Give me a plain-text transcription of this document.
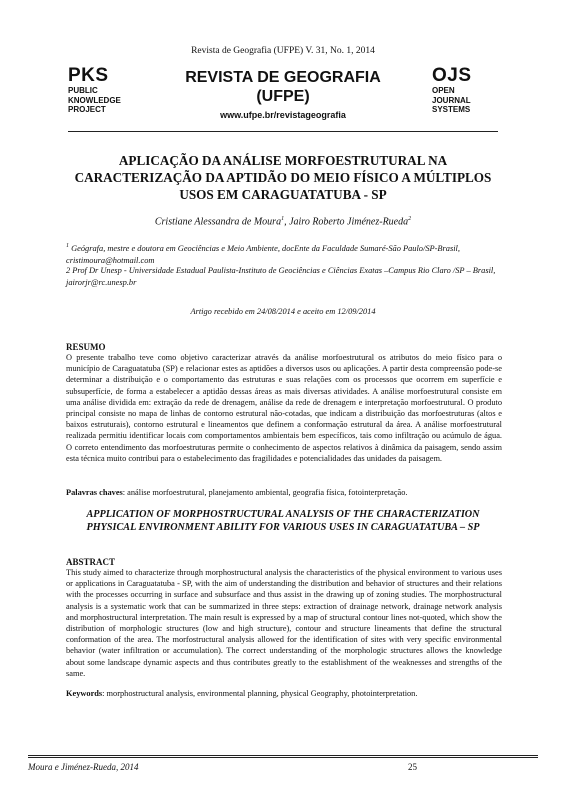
Revista de Geografia (UFPE) V. 31, No. 1, 2014
PKS
PUBLIC
KNOWLEDGE
PROJECT
REVISTA DE GEOGRAFIA
(UFPE)
www.ufpe.br/revistageografia
OJS
OPEN
JOURNAL
SYSTEMS
APLICAÇÃO DA ANÁLISE MORFOESTRUTURAL NA CARACTERIZAÇÃO DA APTIDÃO DO MEIO FÍSICO A MÚLTIPLOS USOS EM CARAGUATATUBA - SP
Cristiane Alessandra de Moura$^1$, Jairo Roberto Jiménez-Rueda$^2$
$^1$ Geógrafa, mestre e doutora em Geociências e Meio Ambiente, docEnte da Faculdade Sumaré-São Paulo/SP-Brasil, cristimoura@hotmail.com
2 Prof Dr Unesp - Universidade Estadual Paulista-Instituto de Geociências e Ciências Exatas –Campus Rio Claro /SP – Brasil, jairorjr@rc.unesp.br
Artigo recebido em 24/08/2014 e aceito em 12/09/2014
RESUMO
O presente trabalho teve como objetivo caracterizar através da análise morfoestrutural os atributos do meio físico para o município de Caraguatatuba (SP) e relacionar estes as aptidões a diversos usos ou aplicações. A partir desta compreensão pode-se determinar a distribuição e o comportamento das estruturas e suas relações com os processos que ocorrem em superfície e subsuperfície, de forma a estabelecer a aptidão dessas áreas as mais diversas atividades. A análise morfoestrutural consiste em uma análise dividida em: extração da rede de drenagem, análise da rede de drenagem e interpretação morfoestrutural. O produto principal consiste no mapa de linhas de contorno estrutural não-cotadas, que indicam a distribuição das morfoestruturas (altos e baixos estruturais), contorno estrutural e lineamentos que definem a conformação estrutural da área. A análise morfoestrutural realizada permitiu identificar locais com comportamentos ambientais bem específicos, tais como infiltração ou acúmulo de água. O correto entendimento das morfoestruturas permite o conhecimento de aspectos relativos à dinâmica da paisagem, sendo assim esta técnica muito contribui para o estabelecimento das fragilidades e potencialidades das unidades da paisagem.
Palavras chaves: análise morfoestrutural, planejamento ambiental, geografia física, fotointerpretação.
APPLICATION OF MORPHOSTRUCTURAL ANALYSIS OF THE CHARACTERIZATION PHYSICAL ENVIRONMENT ABILITY FOR VARIOUS USES IN CARAGUATATUBA – SP
ABSTRACT
This study aimed to characterize through morphostructural analysis the characteristics of the physical environment to various uses or applications in Caraguatatuba - SP, with the aim of understanding the distribution and behavior of structures and their relations with the processes occurring in surface and subsurface and thus assist in the drawing up of zoning studies. The morphostructural analysis is a systematic work that can be summarized in three steps: extraction of drainage network, drainage network analysis and morphostructural interpretation. The main result is expressed by a map of structural contour lines not-quoted, which show the distribution of morphologic structures (low and high structure), contour and structure lineaments that define the structural conformation of the area. The morfostructural analysis allowed for the identification of sites with very specific environmental behavior (water infiltration or accumulation). The correct understanding of the morphologic structures allows the knowledge about some landscape dynamic aspects and thus contributes greatly to the establishment of the weaknesses and strengths of the same.
Keywords: morphostructural analysis, environmental planning, physical Geography, photointerpretation.
Moura e Jiménez-Rueda, 2014	25
